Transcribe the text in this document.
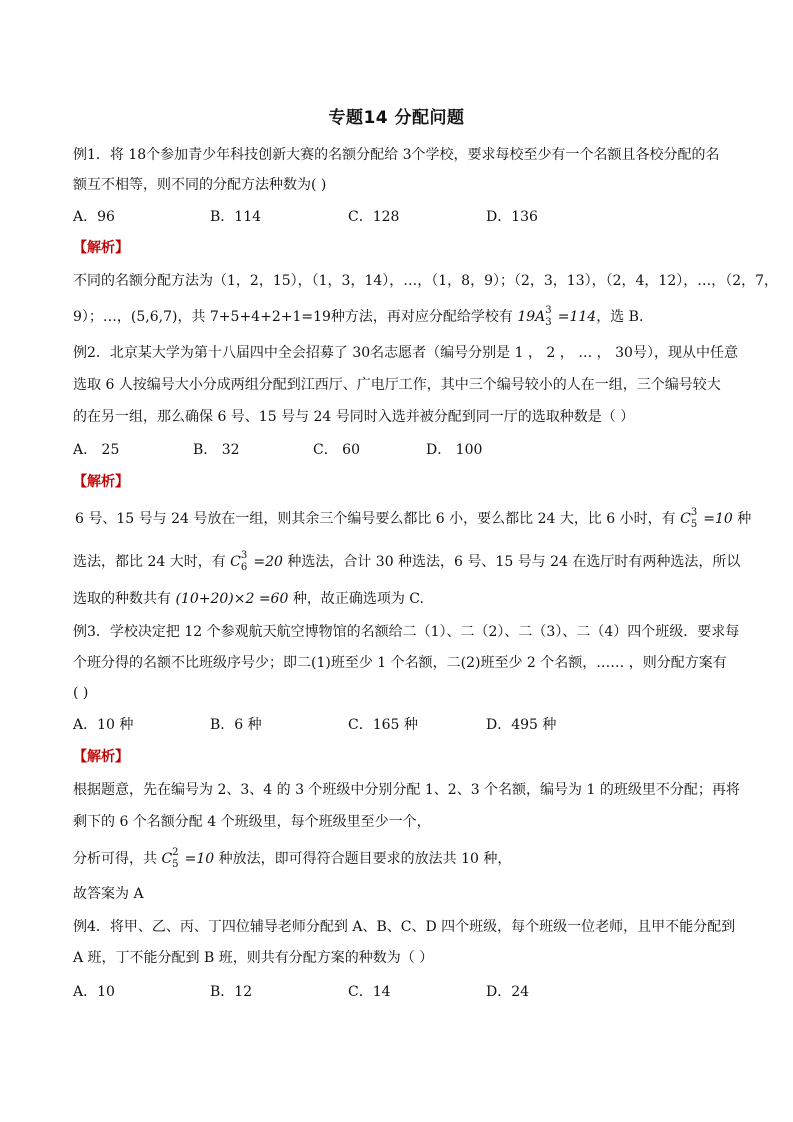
专题14 分配问题
例1．将 18个参加青少年科技创新大赛的名额分配给 3个学校，要求每校至少有一个名额且各校分配的名
额互不相等，则不同的分配方法种数为( )
A．96	B．114	C．128	D．136
【解析】
不同的名额分配方法为（1，2，15），（1，3，14），…，（1，8，9）；（2，3，13），（2，4，12），…，（2，7，
9）；…，(5,6,7)，共 7+5+4+2+1=19种方法，再对应分配给学校有 19A 3
3 =114，选 B.
例2．北京某大学为第十八届四中全会招募了 30名志愿者（编号分别是 1 ， 2 ， … ， 30号），现从中任意
选取 6 人按编号大小分成两组分配到江西厅、广电厅工作，其中三个编号较小的人在一组，三个编号较大
的在另一组，那么确保 6 号、15 号与 24 号同时入选并被分配到同一厅的选取种数是（ ）
A． 25	B． 32	C． 60	D． 100
【解析】
6 号、15 号与 24 号放在一组，则其余三个编号要么都比 6 小，要么都比 24 大，比 6 小时，有 C 3
5 =10 种
选法，都比 24 大时，有 C 3
6 =20 种选法，合计 30 种选法，6 号、15 号与 24 在选厅时有两种选法，所以
选取的种数共有 (10+20)×2 =60 种，故正确选项为 C.
例3．学校决定把 12 个参观航天航空博物馆的名额给二（1）、二（2）、二（3）、二（4）四个班级．要求每
个班分得的名额不比班级序号少；即二(1)班至少 1 个名额，二(2)班至少 2 个名额，…… ，则分配方案有
( )
A．10 种	B．6 种	C．165 种	D．495 种
【解析】
根据题意，先在编号为 2、3、4 的 3 个班级中分别分配 1、2、3 个名额，编号为 1 的班级里不分配；再将
剩下的 6 个名额分配 4 个班级里，每个班级里至少一个，
分析可得，共 C 2
5 =10 种放法，即可得符合题目要求的放法共 10 种，
故答案为 A
例4．将甲、乙、丙、丁四位辅导老师分配到 A、B、C、D 四个班级，每个班级一位老师，且甲不能分配到
A 班，丁不能分配到 B 班，则共有分配方案的种数为（ ）
A．10	B．12	C．14	D．24
